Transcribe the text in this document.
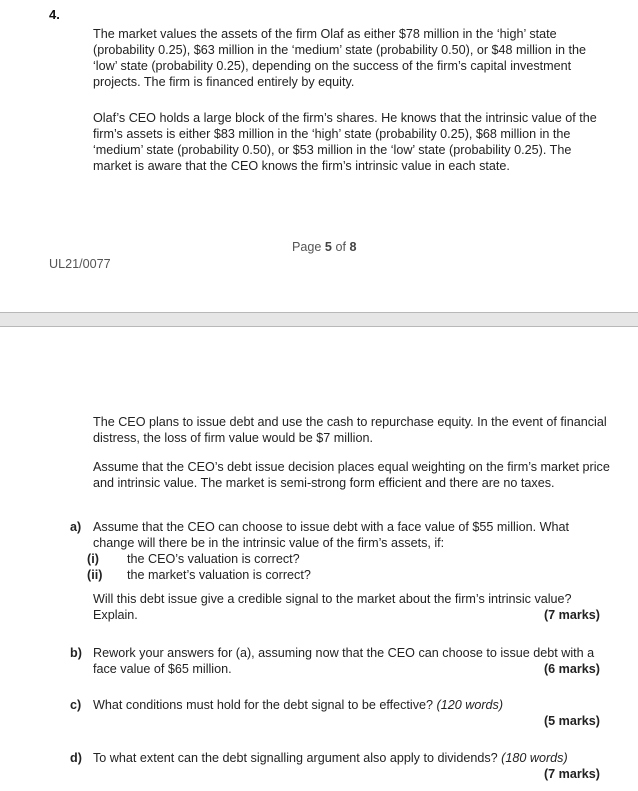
4.

The market values the assets of the firm Olaf as either $78 million in the ‘high’ state (probability 0.25), $63 million in the ‘medium’ state (probability 0.50), or $48 million in the ‘low’ state (probability 0.25), depending on the success of the firm’s capital investment projects. The firm is financed entirely by equity.

Olaf’s CEO holds a large block of the firm’s shares. He knows that the intrinsic value of the firm’s assets is either $83 million in the ‘high’ state (probability 0.25), $68 million in the ‘medium’ state (probability 0.50), or $53 million in the ‘low’ state (probability 0.25). The market is aware that the CEO knows the firm’s intrinsic value in each state.

Page 5 of 8
UL21/0077

The CEO plans to issue debt and use the cash to repurchase equity. In the event of financial distress, the loss of firm value would be $7 million.

Assume that the CEO’s debt issue decision places equal weighting on the firm’s market price and intrinsic value. The market is semi-strong form efficient and there are no taxes.

a) Assume that the CEO can choose to issue debt with a face value of $55 million. What change will there be in the intrinsic value of the firm’s assets, if:
(i)	the CEO’s valuation is correct?
(ii)	the market’s valuation is correct?
Will this debt issue give a credible signal to the market about the firm’s intrinsic value? Explain.	(7 marks)
b) Rework your answers for (a), assuming now that the CEO can choose to issue debt with a face value of $65 million.	(6 marks)
c) What conditions must hold for the debt signal to be effective? (120 words)
(5 marks)
d) To what extent can the debt signalling argument also apply to dividends? (180 words)
(7 marks)
